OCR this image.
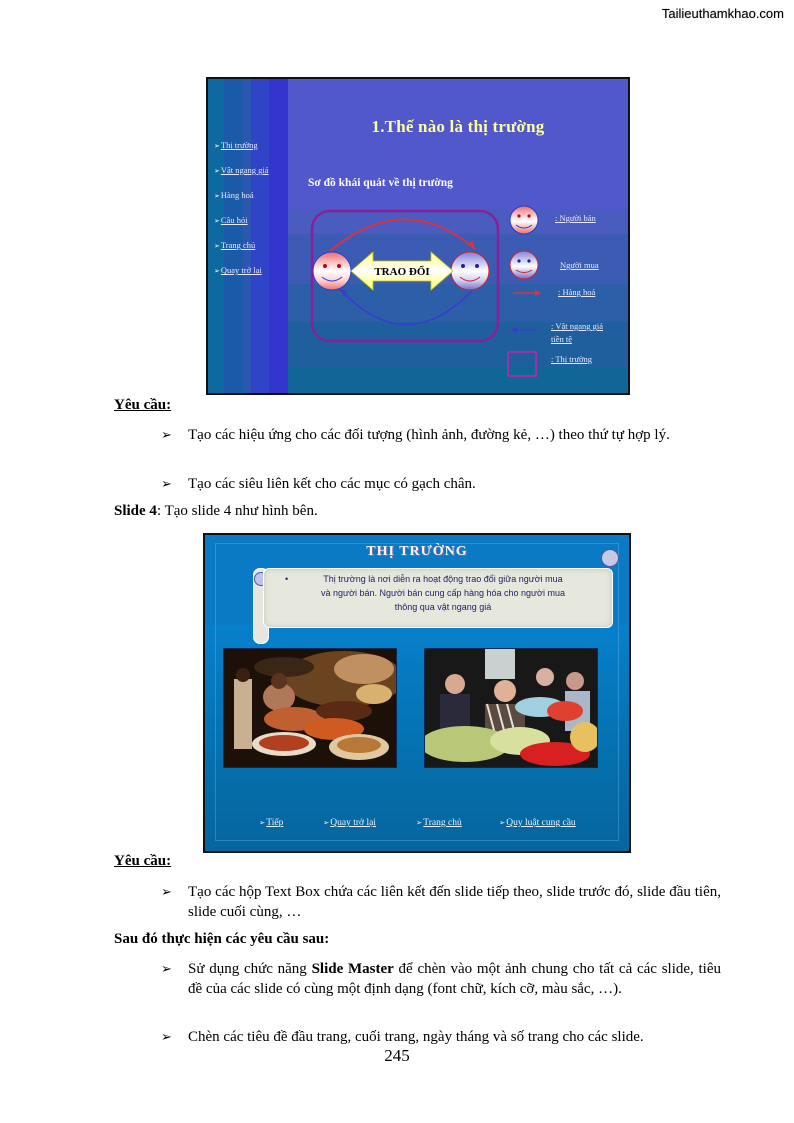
Tailieuthamkhao.com
➢Thị trường
➢Vật ngang giá
➢Hàng hoá
➢Câu hỏi
➢Trang chủ
➢Quay trở lại
1.Thế nào là thị trường
Sơ đồ khái quát về thị trường
TRAO ĐỔI
: Người bán
Người mua
: Hàng hoá
: Vật ngang giá tiền tệ
: Thị trường
Yêu cầu:
➢ Tạo các hiệu ứng cho các đối tượng (hình ảnh, đường kẻ, …) theo thứ tự hợp lý.
➢ Tạo các siêu liên kết cho các mục có gạch chân.
Slide 4: Tạo slide 4 như hình bên.
THỊ TRƯỜNG
•	Thị trường là nơi diễn ra hoạt động trao đổi giữa người mua
và người bán. Người bán cung cấp hàng hóa cho người mua
thông qua vật ngang giá
➢Tiếp	➢Quay trở lại	➢Trang chủ	➢Quy luật cung cầu
Yêu cầu:
➢ Tạo các hộp Text Box chứa các liên kết đến slide tiếp theo, slide trước đó, slide đầu tiên, slide cuối cùng, …
Sau đó thực hiện các yêu cầu sau:
➢ Sử dụng chức năng Slide Master để chèn vào một ảnh chung cho tất cả các slide, tiêu đề của các slide có cùng một định dạng (font chữ, kích cỡ, màu sắc, …).
➢ Chèn các tiêu đề đầu trang, cuối trang, ngày tháng và số trang cho các slide.
245
